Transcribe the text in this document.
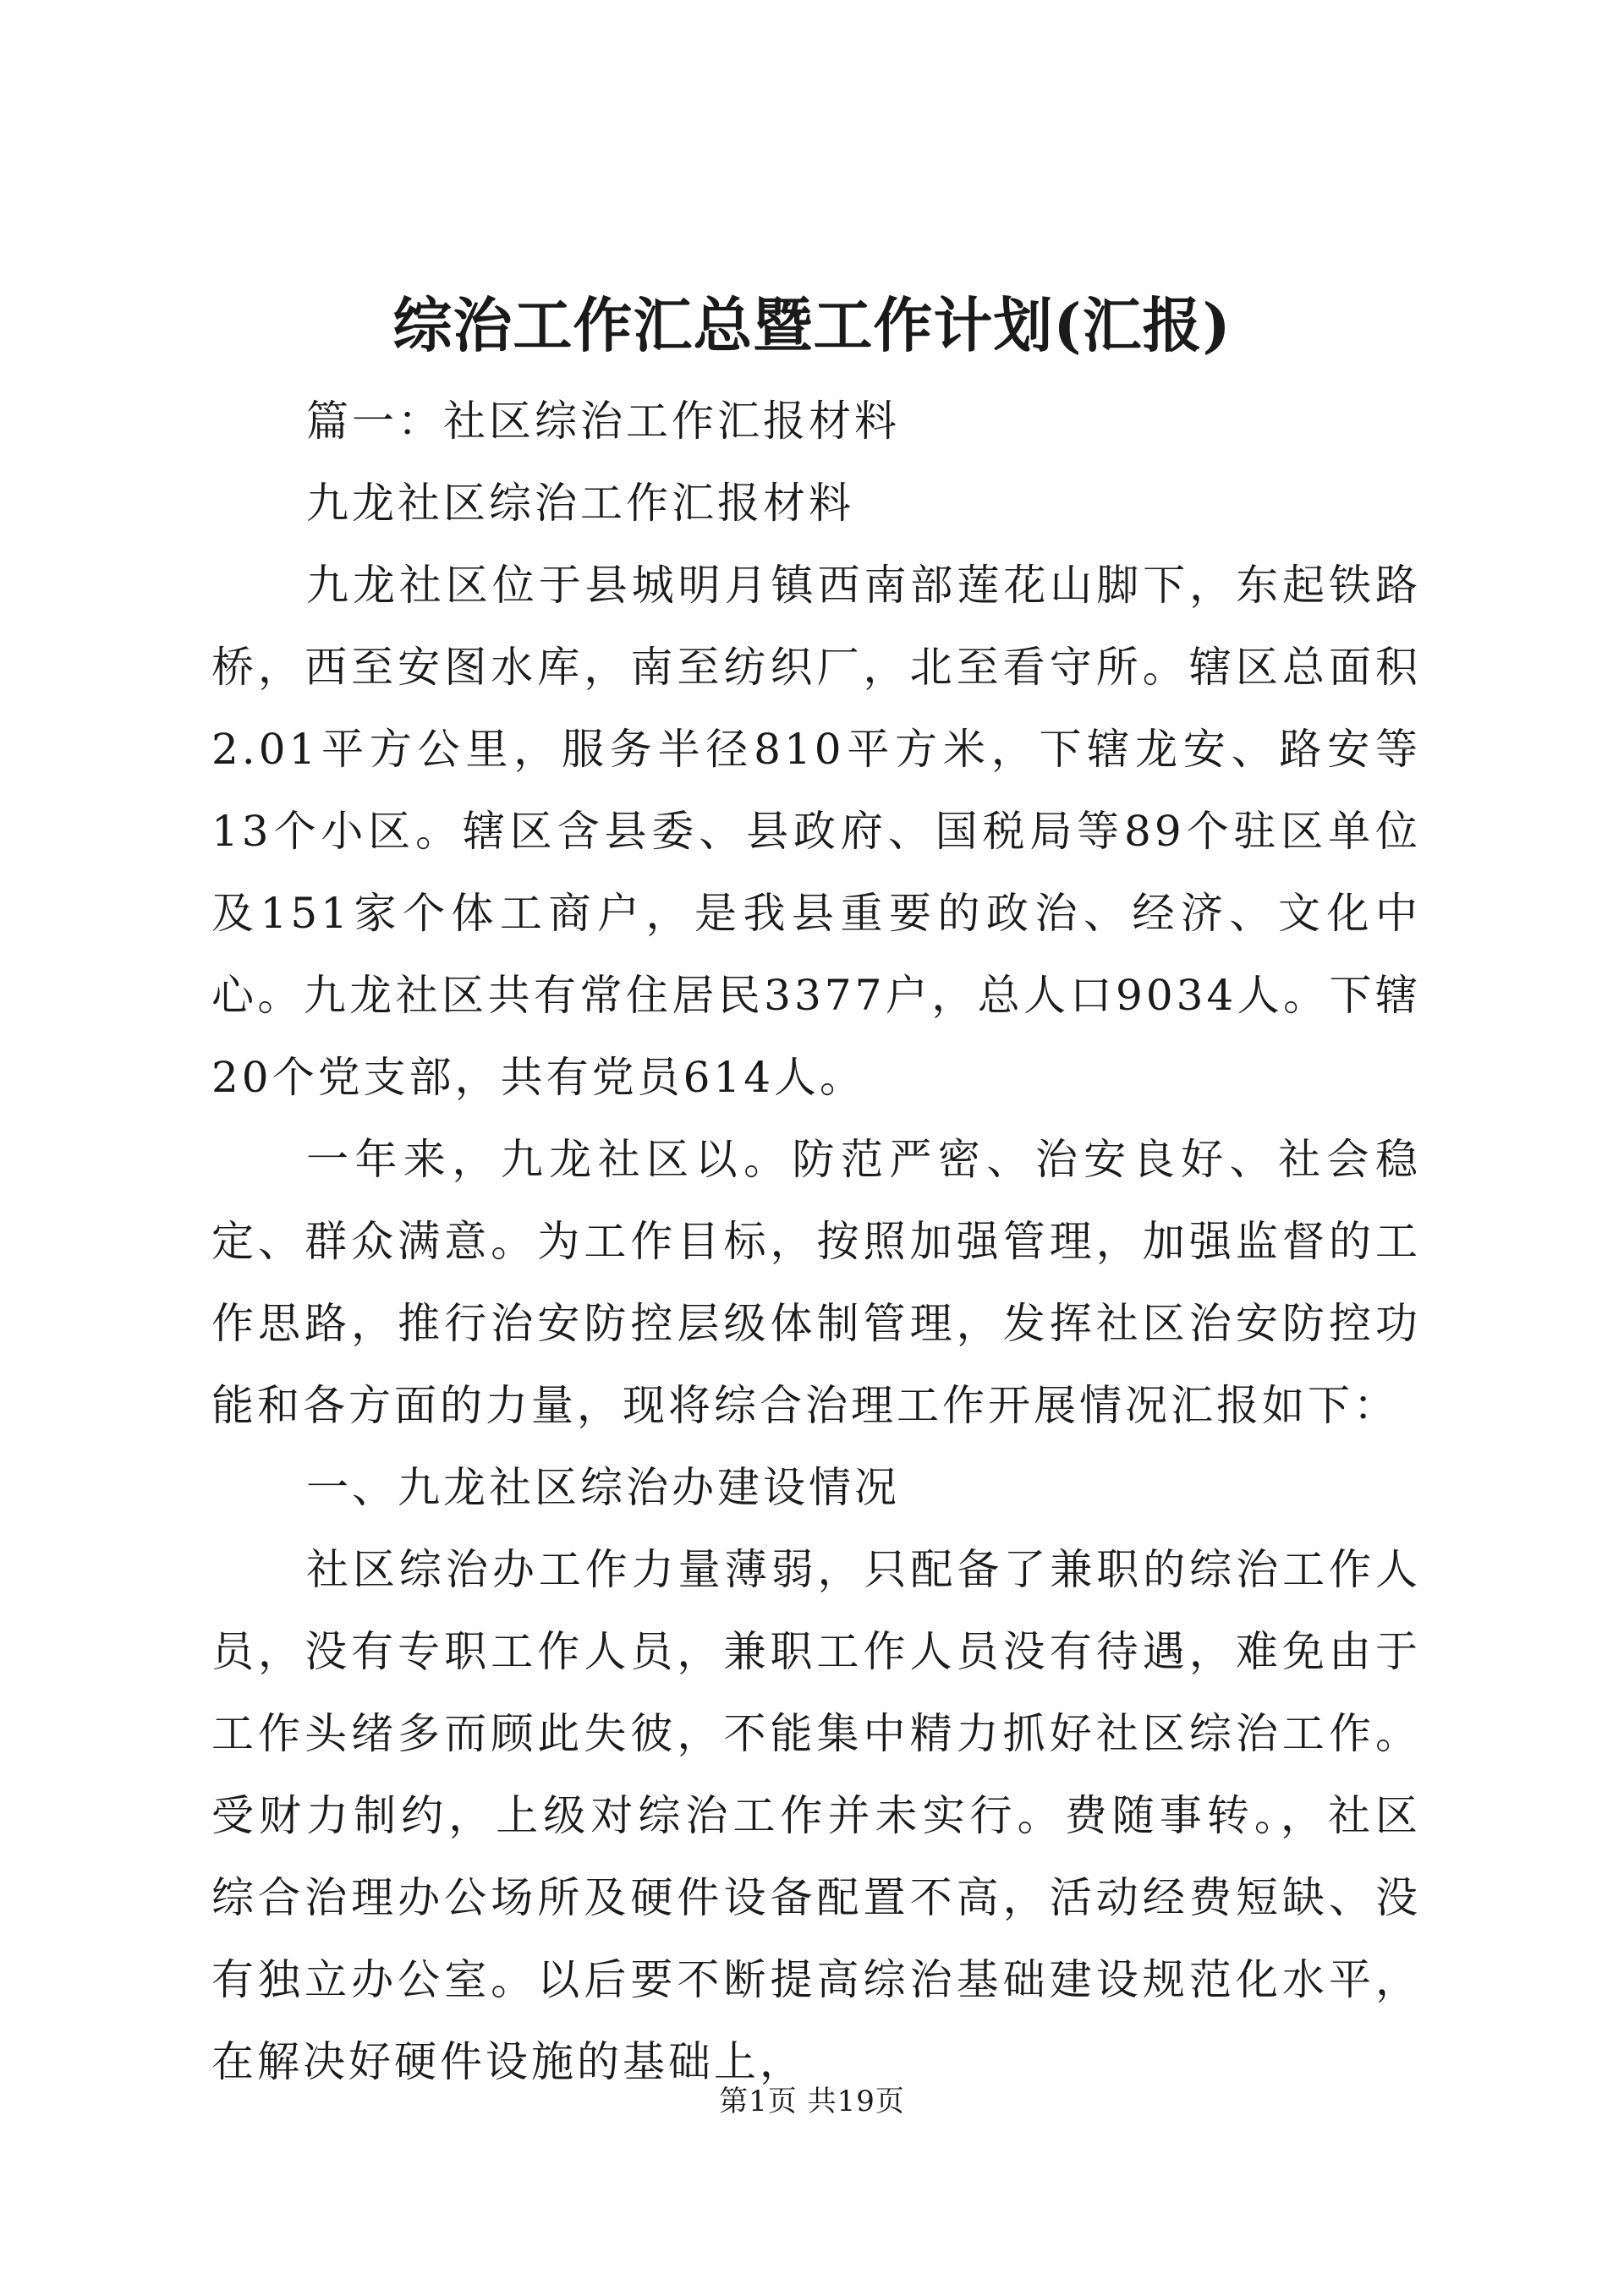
综治工作汇总暨工作计划(汇报)

篇一：社区综治工作汇报材料

九龙社区综治工作汇报材料

九龙社区位于县城明月镇西南部莲花山脚下，东起铁路桥，西至安图水库，南至纺织厂，北至看守所。辖区总面积2.01平方公里，服务半径810平方米，下辖龙安、路安等13个小区。辖区含县委、县政府、国税局等89个驻区单位及151家个体工商户，是我县重要的政治、经济、文化中心。九龙社区共有常住居民3377户，总人口9034人。下辖20个党支部，共有党员614人。

一年来，九龙社区以。防范严密、治安良好、社会稳定、群众满意。为工作目标，按照加强管理，加强监督的工作思路，推行治安防控层级体制管理，发挥社区治安防控功能和各方面的力量，现将综合治理工作开展情况汇报如下：

一、九龙社区综治办建设情况

社区综治办工作力量薄弱，只配备了兼职的综治工作人员，没有专职工作人员，兼职工作人员没有待遇，难免由于工作头绪多而顾此失彼，不能集中精力抓好社区综治工作。受财力制约，上级对综治工作并未实行。费随事转。，社区综合治理办公场所及硬件设备配置不高，活动经费短缺、没有独立办公室。以后要不断提高综治基础建设规范化水平，在解决好硬件设施的基础上，

第1页 共19页
